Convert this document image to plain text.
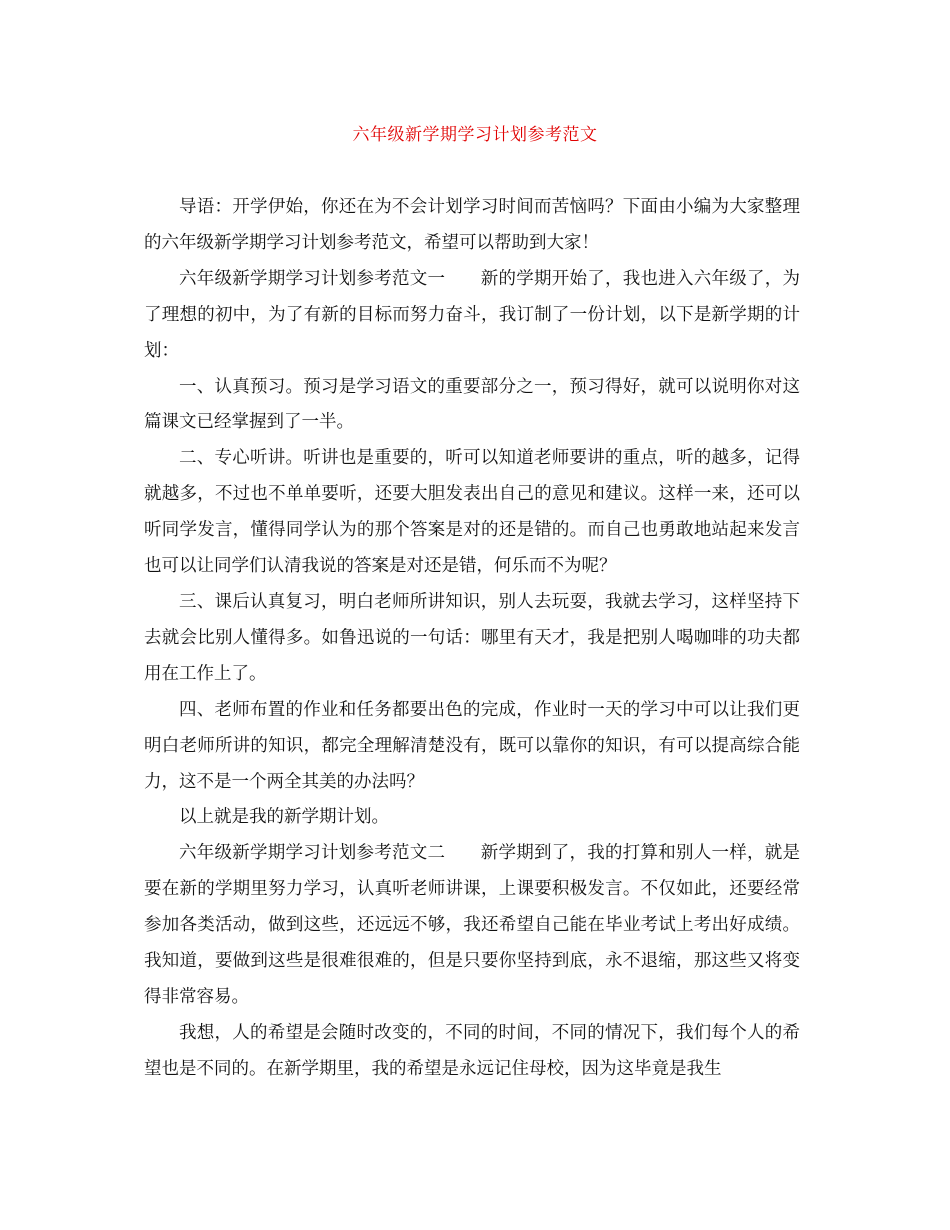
六年级新学期学习计划参考范文

导语：开学伊始，你还在为不会计划学习时间而苦恼吗？下面由小编为大家整理的六年级新学期学习计划参考范文，希望可以帮助到大家！

六年级新学期学习计划参考范文一　　新的学期开始了，我也进入六年级了，为了理想的初中，为了有新的目标而努力奋斗，我订制了一份计划，以下是新学期的计划：

一、认真预习。预习是学习语文的重要部分之一，预习得好，就可以说明你对这篇课文已经掌握到了一半。

二、专心听讲。听讲也是重要的，听可以知道老师要讲的重点，听的越多，记得就越多，不过也不单单要听，还要大胆发表出自己的意见和建议。这样一来，还可以听同学发言，懂得同学认为的那个答案是对的还是错的。而自己也勇敢地站起来发言也可以让同学们认清我说的答案是对还是错，何乐而不为呢？

三、课后认真复习，明白老师所讲知识，别人去玩耍，我就去学习，这样坚持下去就会比别人懂得多。如鲁迅说的一句话：哪里有天才，我是把别人喝咖啡的功夫都用在工作上了。

四、老师布置的作业和任务都要出色的完成，作业时一天的学习中可以让我们更明白老师所讲的知识，都完全理解清楚没有，既可以靠你的知识，有可以提高综合能力，这不是一个两全其美的办法吗？

以上就是我的新学期计划。

六年级新学期学习计划参考范文二　　新学期到了，我的打算和别人一样，就是要在新的学期里努力学习，认真听老师讲课，上课要积极发言。不仅如此，还要经常参加各类活动，做到这些，还远远不够，我还希望自己能在毕业考试上考出好成绩。我知道，要做到这些是很难很难的，但是只要你坚持到底，永不退缩，那这些又将变得非常容易。

我想，人的希望是会随时改变的，不同的时间，不同的情况下，我们每个人的希望也是不同的。在新学期里，我的希望是永远记住母校，因为这毕竟是我生
